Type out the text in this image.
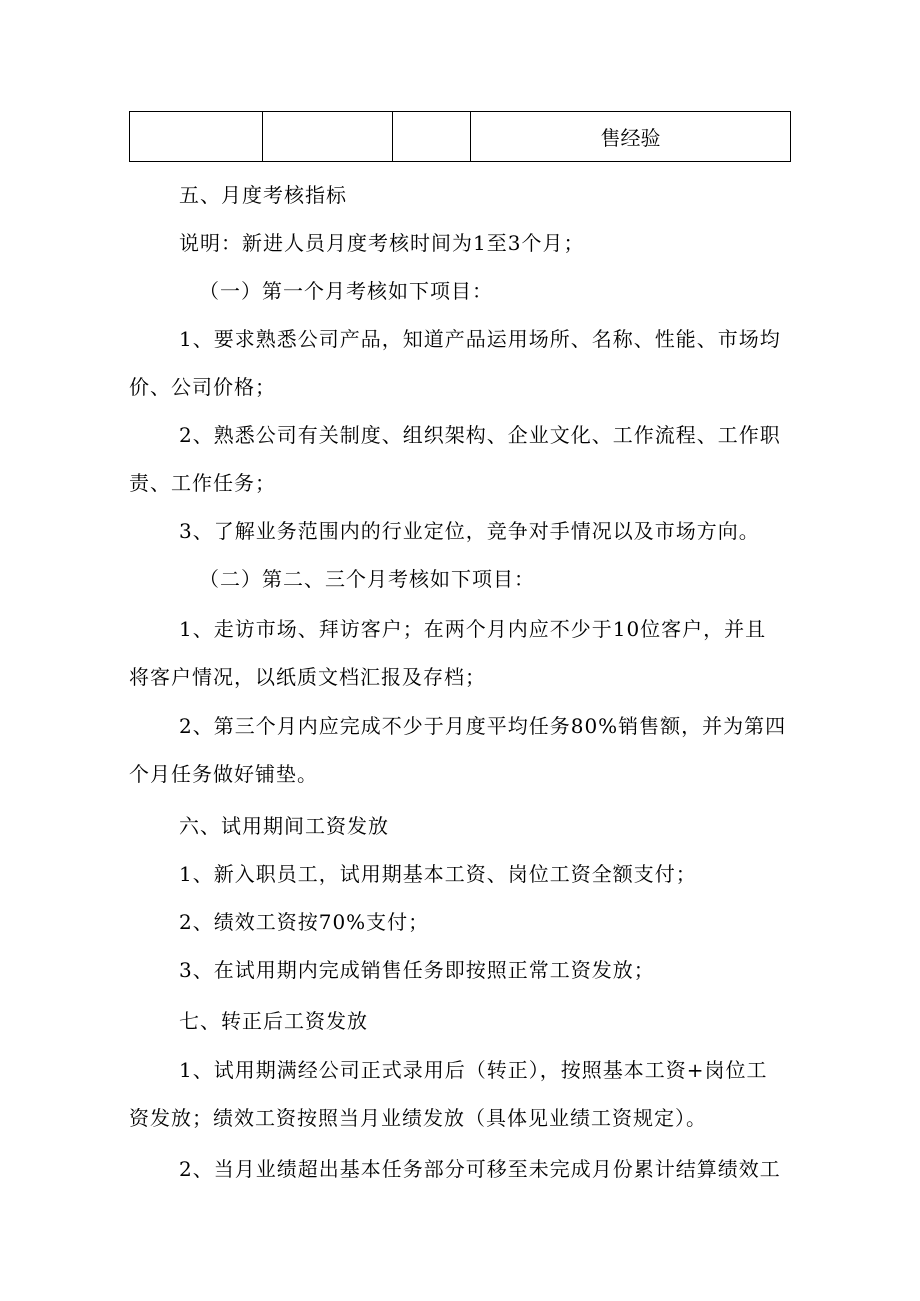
			售经验
五、月度考核指标
说明：新进人员月度考核时间为1至3个月；
（一）第一个月考核如下项目：
1、要求熟悉公司产品，知道产品运用场所、名称、性能、市场均
价、公司价格；
2、熟悉公司有关制度、组织架构、企业文化、工作流程、工作职
责、工作任务；
3、了解业务范围内的行业定位，竞争对手情况以及市场方向。
（二）第二、三个月考核如下项目：
1、走访市场、拜访客户；在两个月内应不少于10位客户，并且
将客户情况，以纸质文档汇报及存档；
2、第三个月内应完成不少于月度平均任务80%销售额，并为第四
个月任务做好铺垫。
六、试用期间工资发放
1、新入职员工，试用期基本工资、岗位工资全额支付；
2、绩效工资按70%支付；
3、在试用期内完成销售任务即按照正常工资发放；
七、转正后工资发放
1、试用期满经公司正式录用后（转正），按照基本工资+岗位工
资发放；绩效工资按照当月业绩发放（具体见业绩工资规定）。
2、当月业绩超出基本任务部分可移至未完成月份累计结算绩效工
